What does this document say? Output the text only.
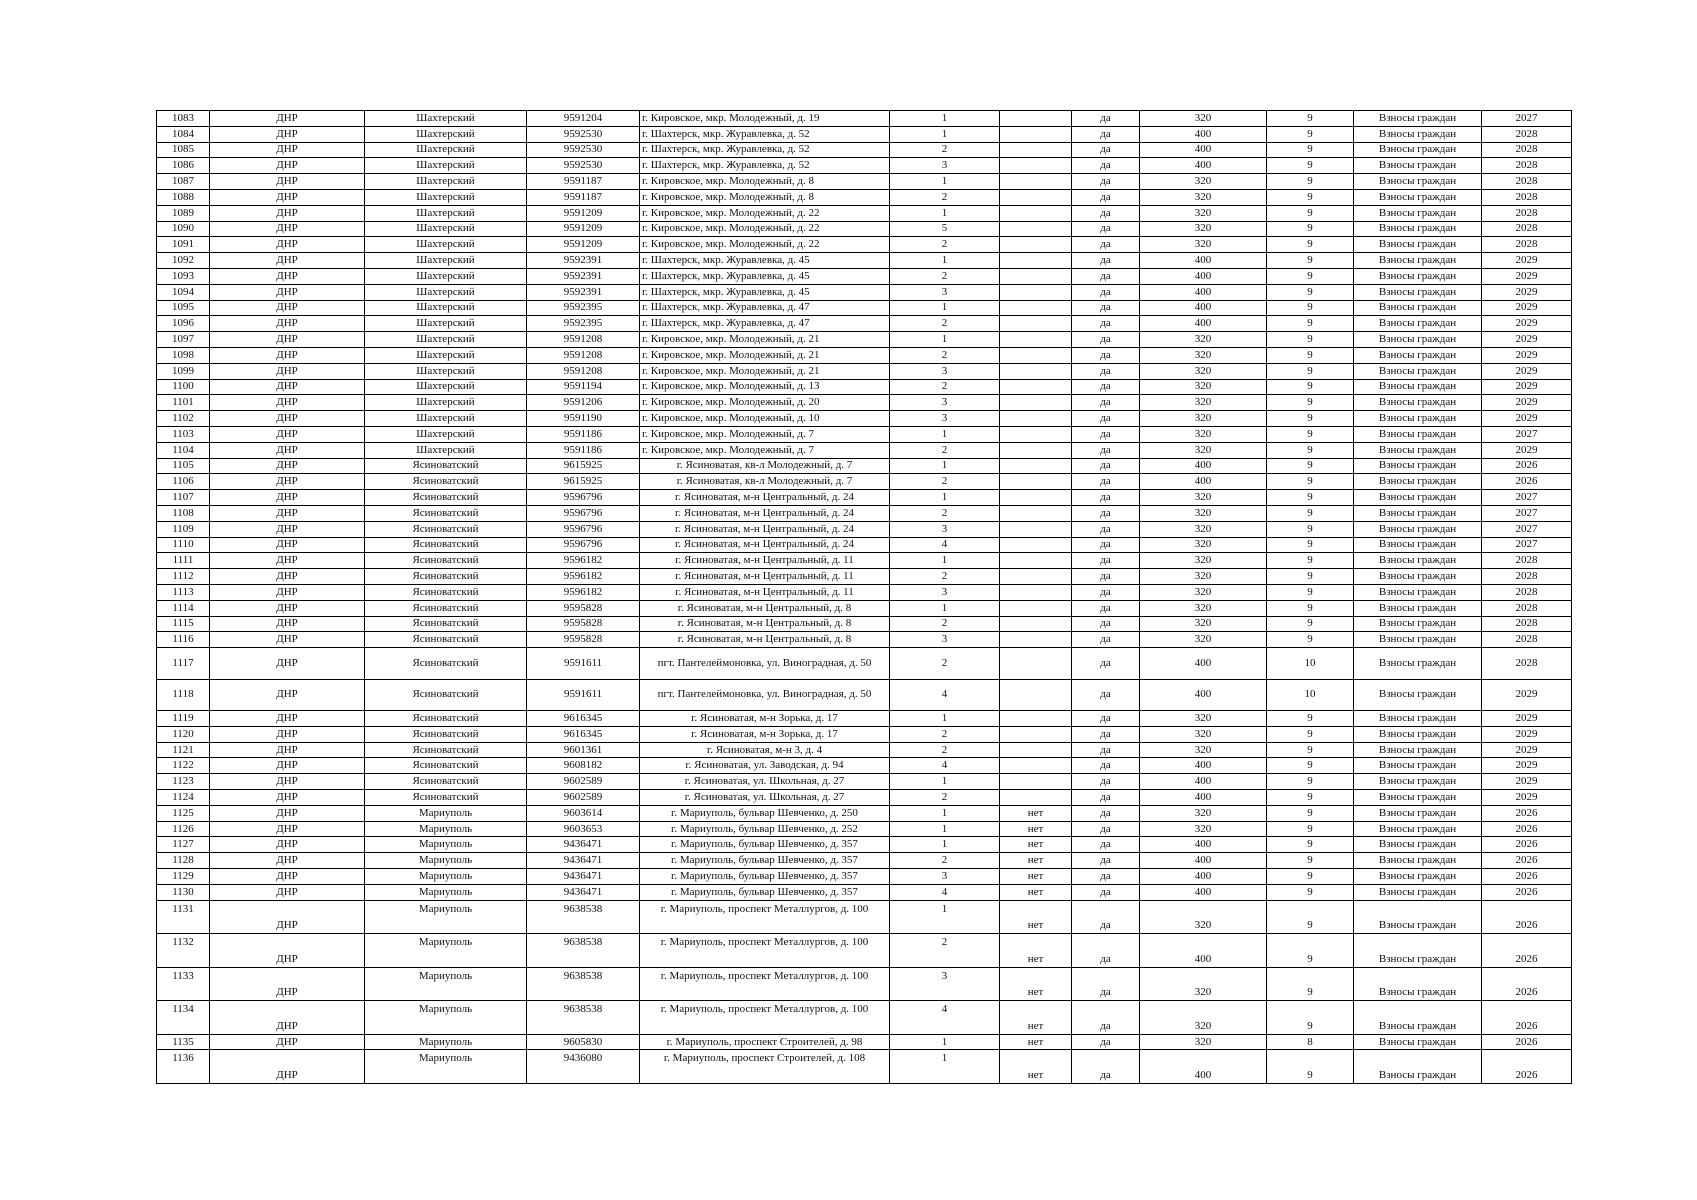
1083	ДНР	Шахтерский	9591204	г. Кировское, мкр. Молодежный, д. 19	1		да	320	9	Взносы граждан	2027
1084	ДНР	Шахтерский	9592530	г. Шахтерск, мкр. Журавлевка, д. 52	1		да	400	9	Взносы граждан	2028
1085	ДНР	Шахтерский	9592530	г. Шахтерск, мкр. Журавлевка, д. 52	2		да	400	9	Взносы граждан	2028
1086	ДНР	Шахтерский	9592530	г. Шахтерск, мкр. Журавлевка, д. 52	3		да	400	9	Взносы граждан	2028
1087	ДНР	Шахтерский	9591187	г. Кировское, мкр. Молодежный, д. 8	1		да	320	9	Взносы граждан	2028
1088	ДНР	Шахтерский	9591187	г. Кировское, мкр. Молодежный, д. 8	2		да	320	9	Взносы граждан	2028
1089	ДНР	Шахтерский	9591209	г. Кировское, мкр. Молодежный, д. 22	1		да	320	9	Взносы граждан	2028
1090	ДНР	Шахтерский	9591209	г. Кировское, мкр. Молодежный, д. 22	5		да	320	9	Взносы граждан	2028
1091	ДНР	Шахтерский	9591209	г. Кировское, мкр. Молодежный, д. 22	2		да	320	9	Взносы граждан	2028
1092	ДНР	Шахтерский	9592391	г. Шахтерск, мкр. Журавлевка, д. 45	1		да	400	9	Взносы граждан	2029
1093	ДНР	Шахтерский	9592391	г. Шахтерск, мкр. Журавлевка, д. 45	2		да	400	9	Взносы граждан	2029
1094	ДНР	Шахтерский	9592391	г. Шахтерск, мкр. Журавлевка, д. 45	3		да	400	9	Взносы граждан	2029
1095	ДНР	Шахтерский	9592395	г. Шахтерск, мкр. Журавлевка, д. 47	1		да	400	9	Взносы граждан	2029
1096	ДНР	Шахтерский	9592395	г. Шахтерск, мкр. Журавлевка, д. 47	2		да	400	9	Взносы граждан	2029
1097	ДНР	Шахтерский	9591208	г. Кировское, мкр. Молодежный, д. 21	1		да	320	9	Взносы граждан	2029
1098	ДНР	Шахтерский	9591208	г. Кировское, мкр. Молодежный, д. 21	2		да	320	9	Взносы граждан	2029
1099	ДНР	Шахтерский	9591208	г. Кировское, мкр. Молодежный, д. 21	3		да	320	9	Взносы граждан	2029
1100	ДНР	Шахтерский	9591194	г. Кировское, мкр. Молодежный, д. 13	2		да	320	9	Взносы граждан	2029
1101	ДНР	Шахтерский	9591206	г. Кировское, мкр. Молодежный, д. 20	3		да	320	9	Взносы граждан	2029
1102	ДНР	Шахтерский	9591190	г. Кировское, мкр. Молодежный, д. 10	3		да	320	9	Взносы граждан	2029
1103	ДНР	Шахтерский	9591186	г. Кировское, мкр. Молодежный, д. 7	1		да	320	9	Взносы граждан	2027
1104	ДНР	Шахтерский	9591186	г. Кировское, мкр. Молодежный, д. 7	2		да	320	9	Взносы граждан	2029
1105	ДНР	Ясиноватский	9615925	г. Ясиноватая, кв-л Молодежный, д. 7	1		да	400	9	Взносы граждан	2026
1106	ДНР	Ясиноватский	9615925	г. Ясиноватая, кв-л Молодежный, д. 7	2		да	400	9	Взносы граждан	2026
1107	ДНР	Ясиноватский	9596796	г. Ясиноватая, м-н Центральный, д. 24	1		да	320	9	Взносы граждан	2027
1108	ДНР	Ясиноватский	9596796	г. Ясиноватая, м-н Центральный, д. 24	2		да	320	9	Взносы граждан	2027
1109	ДНР	Ясиноватский	9596796	г. Ясиноватая, м-н Центральный, д. 24	3		да	320	9	Взносы граждан	2027
1110	ДНР	Ясиноватский	9596796	г. Ясиноватая, м-н Центральный, д. 24	4		да	320	9	Взносы граждан	2027
1111	ДНР	Ясиноватский	9596182	г. Ясиноватая, м-н Центральный, д. 11	1		да	320	9	Взносы граждан	2028
1112	ДНР	Ясиноватский	9596182	г. Ясиноватая, м-н Центральный, д. 11	2		да	320	9	Взносы граждан	2028
1113	ДНР	Ясиноватский	9596182	г. Ясиноватая, м-н Центральный, д. 11	3		да	320	9	Взносы граждан	2028
1114	ДНР	Ясиноватский	9595828	г. Ясиноватая, м-н Центральный, д. 8	1		да	320	9	Взносы граждан	2028
1115	ДНР	Ясиноватский	9595828	г. Ясиноватая, м-н Центральный, д. 8	2		да	320	9	Взносы граждан	2028
1116	ДНР	Ясиноватский	9595828	г. Ясиноватая, м-н Центральный, д. 8	3		да	320	9	Взносы граждан	2028
1117	ДНР	Ясиноватский	9591611	пгт. Пантелеймоновка, ул. Виноградная, д. 50	2		да	400	10	Взносы граждан	2028
1118	ДНР	Ясиноватский	9591611	пгт. Пантелеймоновка, ул. Виноградная, д. 50	4		да	400	10	Взносы граждан	2029
1119	ДНР	Ясиноватский	9616345	г. Ясиноватая, м-н Зорька, д. 17	1		да	320	9	Взносы граждан	2029
1120	ДНР	Ясиноватский	9616345	г. Ясиноватая, м-н Зорька, д. 17	2		да	320	9	Взносы граждан	2029
1121	ДНР	Ясиноватский	9601361	г. Ясиноватая, м-н 3, д. 4	2		да	320	9	Взносы граждан	2029
1122	ДНР	Ясиноватский	9608182	г. Ясиноватая, ул. Заводская, д. 94	4		да	400	9	Взносы граждан	2029
1123	ДНР	Ясиноватский	9602589	г. Ясиноватая, ул. Школьная, д. 27	1		да	400	9	Взносы граждан	2029
1124	ДНР	Ясиноватский	9602589	г. Ясиноватая, ул. Школьная, д. 27	2		да	400	9	Взносы граждан	2029
1125	ДНР	Мариуполь	9603614	г. Мариуполь, бульвар Шевченко, д. 250	1	нет	да	320	9	Взносы граждан	2026
1126	ДНР	Мариуполь	9603653	г. Мариуполь, бульвар Шевченко, д. 252	1	нет	да	320	9	Взносы граждан	2026
1127	ДНР	Мариуполь	9436471	г. Мариуполь, бульвар Шевченко, д. 357	1	нет	да	400	9	Взносы граждан	2026
1128	ДНР	Мариуполь	9436471	г. Мариуполь, бульвар Шевченко, д. 357	2	нет	да	400	9	Взносы граждан	2026
1129	ДНР	Мариуполь	9436471	г. Мариуполь, бульвар Шевченко, д. 357	3	нет	да	400	9	Взносы граждан	2026
1130	ДНР	Мариуполь	9436471	г. Мариуполь, бульвар Шевченко, д. 357	4	нет	да	400	9	Взносы граждан	2026
1131	ДНР	Мариуполь	9638538	г. Мариуполь, проспект Металлургов, д. 100	1	нет	да	320	9	Взносы граждан	2026
1132	ДНР	Мариуполь	9638538	г. Мариуполь, проспект Металлургов, д. 100	2	нет	да	400	9	Взносы граждан	2026
1133	ДНР	Мариуполь	9638538	г. Мариуполь, проспект Металлургов, д. 100	3	нет	да	320	9	Взносы граждан	2026
1134	ДНР	Мариуполь	9638538	г. Мариуполь, проспект Металлургов, д. 100	4	нет	да	320	9	Взносы граждан	2026
1135	ДНР	Мариуполь	9605830	г. Мариуполь, проспект Строителей, д. 98	1	нет	да	320	8	Взносы граждан	2026
1136	ДНР	Мариуполь	9436080	г. Мариуполь, проспект Строителей, д. 108	1	нет	да	400	9	Взносы граждан	2026
